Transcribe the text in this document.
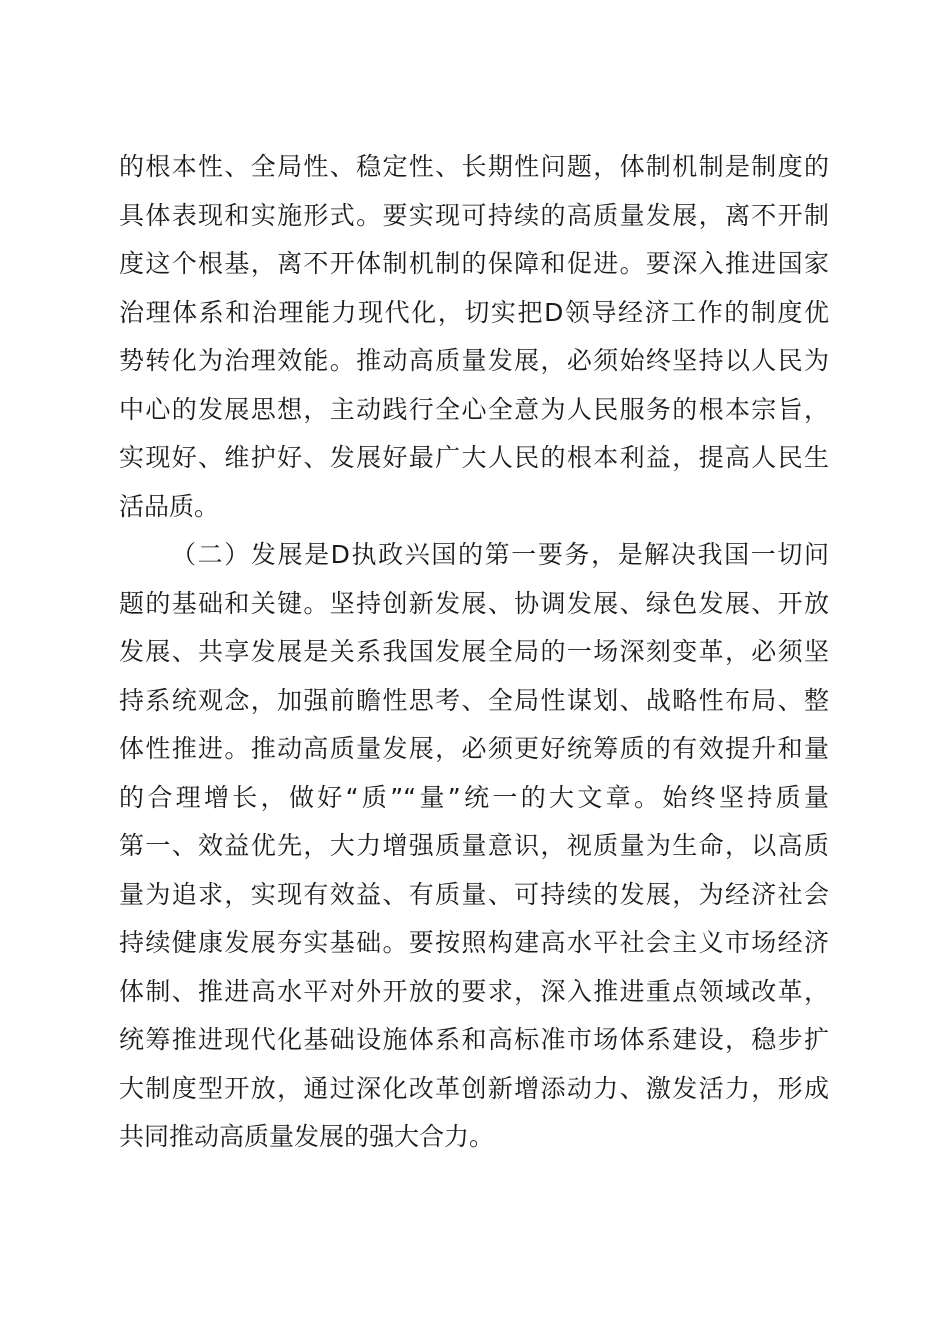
的根本性、全局性、稳定性、长期性问题，体制机制是制度的
具体表现和实施形式。要实现可持续的高质量发展，离不开制
度这个根基，离不开体制机制的保障和促进。要深入推进国家
治理体系和治理能力现代化，切实把D领导经济工作的制度优
势转化为治理效能。推动高质量发展，必须始终坚持以人民为
中心的发展思想，主动践行全心全意为人民服务的根本宗旨，
实现好、维护好、发展好最广大人民的根本利益，提高人民生
活品质。
（二）发展是D执政兴国的第一要务，是解决我国一切问
题的基础和关键。坚持创新发展、协调发展、绿色发展、开放
发展、共享发展是关系我国发展全局的一场深刻变革，必须坚
持系统观念，加强前瞻性思考、全局性谋划、战略性布局、整
体性推进。推动高质量发展，必须更好统筹质的有效提升和量
的合理增长，做好“质”“量”统一的大文章。始终坚持质量
第一、效益优先，大力增强质量意识，视质量为生命，以高质
量为追求，实现有效益、有质量、可持续的发展，为经济社会
持续健康发展夯实基础。要按照构建高水平社会主义市场经济
体制、推进高水平对外开放的要求，深入推进重点领域改革，
统筹推进现代化基础设施体系和高标准市场体系建设，稳步扩
大制度型开放，通过深化改革创新增添动力、激发活力，形成
共同推动高质量发展的强大合力。
